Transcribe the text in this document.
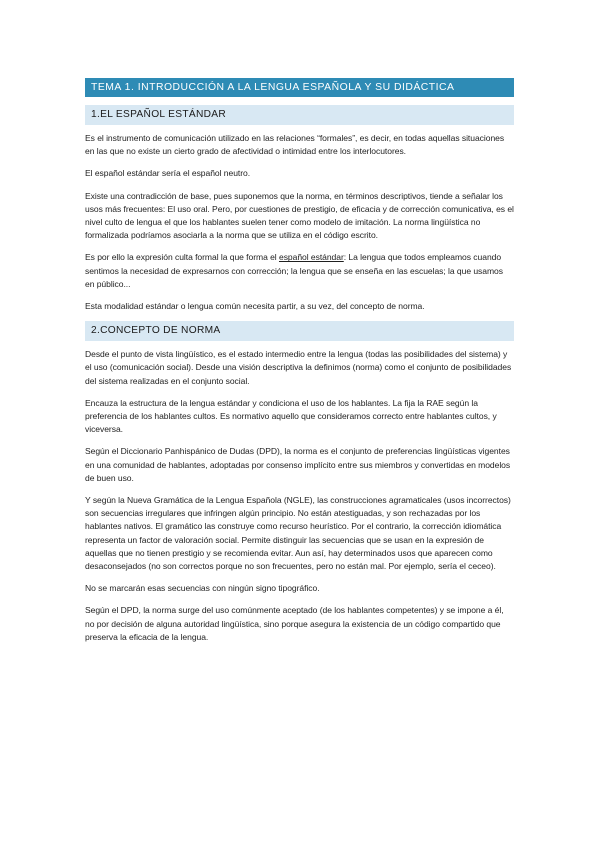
TEMA 1. INTRODUCCIÓN A LA LENGUA ESPAÑOLA Y SU DIDÁCTICA
1.EL ESPAÑOL ESTÁNDAR

Es el instrumento de comunicación utilizado en las relaciones “formales”, es decir, en todas aquellas situaciones en las que no existe un cierto grado de afectividad o intimidad entre los interlocutores.

El español estándar sería el español neutro.

Existe una contradicción de base, pues suponemos que la norma, en términos descriptivos, tiende a señalar los usos más frecuentes: El uso oral. Pero, por cuestiones de prestigio, de eficacia y de corrección comunicativa, es el nivel culto de lengua el que los hablantes suelen tener como modelo de imitación. La norma lingüística no formalizada podríamos asociarla a la norma que se utiliza en el código escrito.

Es por ello la expresión culta formal la que forma el español estándar: La lengua que todos empleamos cuando sentimos la necesidad de expresarnos con corrección; la lengua que se enseña en las escuelas; la que usamos en público...

Esta modalidad estándar o lengua común necesita partir, a su vez, del concepto de norma.

2.CONCEPTO DE NORMA

Desde el punto de vista lingüístico, es el estado intermedio entre la lengua (todas las posibilidades del sistema) y el uso (comunicación social). Desde una visión descriptiva la definimos (norma) como el conjunto de posibilidades del sistema realizadas en el conjunto social.

Encauza la estructura de la lengua estándar y condiciona el uso de los hablantes. La fija la RAE según la preferencia de los hablantes cultos. Es normativo aquello que consideramos correcto entre hablantes cultos, y viceversa.

Según el Diccionario Panhispánico de Dudas (DPD), la norma es el conjunto de preferencias lingüísticas vigentes en una comunidad de hablantes, adoptadas por consenso implícito entre sus miembros y convertidas en modelos de buen uso.

Y según la Nueva Gramática de la Lengua Española (NGLE), las construcciones agramaticales (usos incorrectos) son secuencias irregulares que infringen algún principio. No están atestiguadas, y son rechazadas por los hablantes nativos. El gramático las construye como recurso heurístico. Por el contrario, la corrección idiomática representa un factor de valoración social. Permite distinguir las secuencias que se usan en la expresión de aquellas que no tienen prestigio y se recomienda evitar. Aun así, hay determinados usos que aparecen como desaconsejados (no son correctos porque no son frecuentes, pero no están mal. Por ejemplo, sería el ceceo).

No se marcarán esas secuencias con ningún signo tipográfico.

Según el DPD, la norma surge del uso comúnmente aceptado (de los hablantes competentes) y se impone a él, no por decisión de alguna autoridad lingüística, sino porque asegura la existencia de un código compartido que preserva la eficacia de la lengua.
